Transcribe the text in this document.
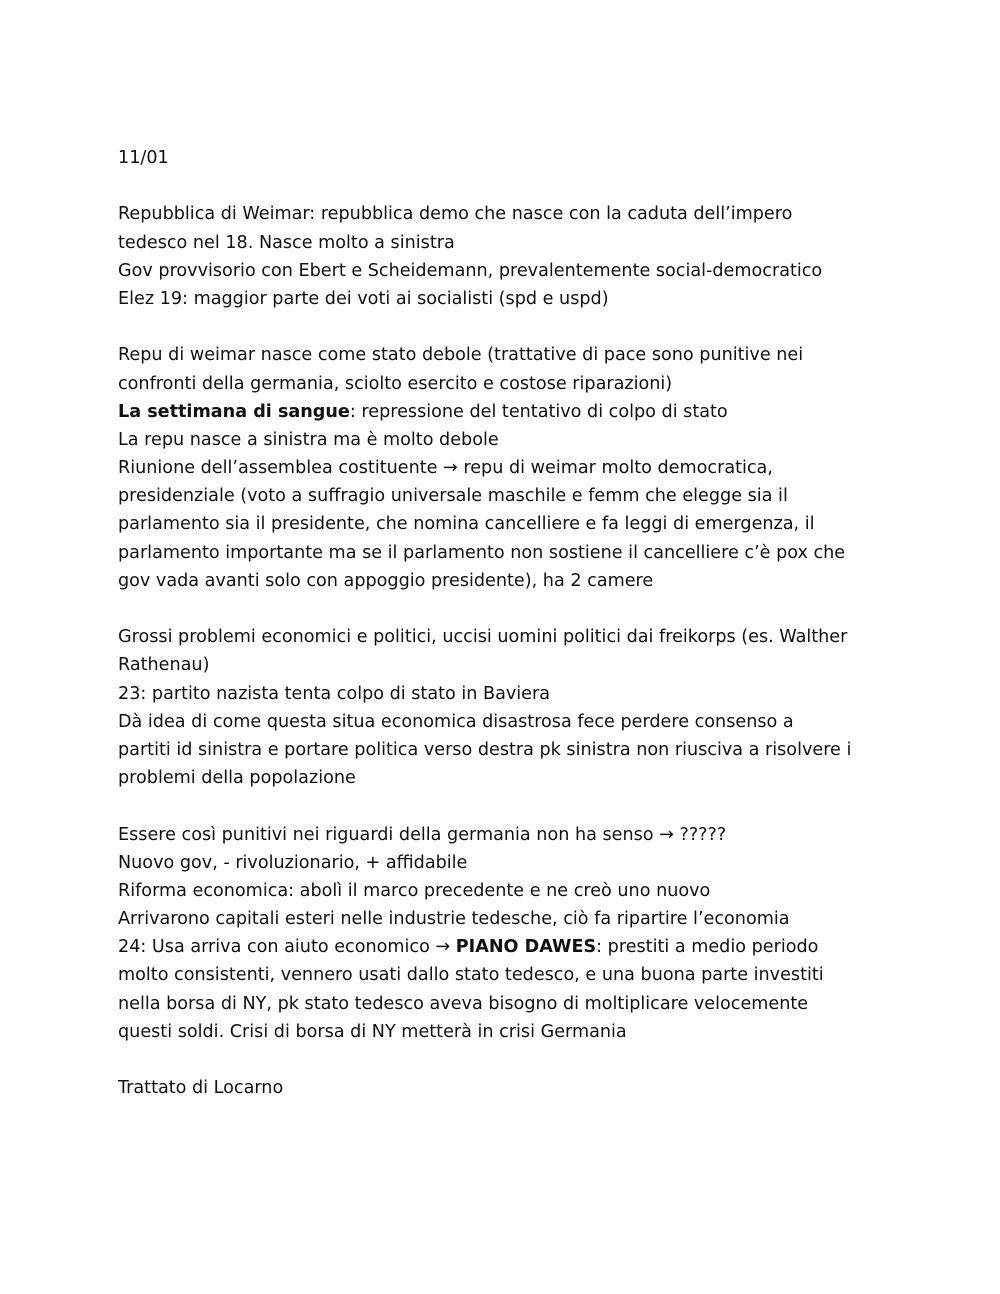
11/01
Repubblica di Weimar: repubblica demo che nasce con la caduta dell’impero
tedesco nel 18. Nasce molto a sinistra
Gov provvisorio con Ebert e Scheidemann, prevalentemente social-democratico
Elez 19: maggior parte dei voti ai socialisti (spd e uspd)
Repu di weimar nasce come stato debole (trattative di pace sono punitive nei
confronti della germania, sciolto esercito e costose riparazioni)
La settimana di sangue: repressione del tentativo di colpo di stato
La repu nasce a sinistra ma è molto debole
Riunione dell’assemblea costituente → repu di weimar molto democratica,
presidenziale (voto a suffragio universale maschile e femm che elegge sia il
parlamento sia il presidente, che nomina cancelliere e fa leggi di emergenza, il
parlamento importante ma se il parlamento non sostiene il cancelliere c’è pox che
gov vada avanti solo con appoggio presidente), ha 2 camere
Grossi problemi economici e politici, uccisi uomini politici dai freikorps (es. Walther
Rathenau)
23: partito nazista tenta colpo di stato in Baviera
Dà idea di come questa situa economica disastrosa fece perdere consenso a
partiti id sinistra e portare politica verso destra pk sinistra non riusciva a risolvere i
problemi della popolazione
Essere così punitivi nei riguardi della germania non ha senso → ?????
Nuovo gov, - rivoluzionario, + affidabile
Riforma economica: abolì il marco precedente e ne creò uno nuovo
Arrivarono capitali esteri nelle industrie tedesche, ciò fa ripartire l’economia
24: Usa arriva con aiuto economico → PIANO DAWES: prestiti a medio periodo
molto consistenti, vennero usati dallo stato tedesco, e una buona parte investiti
nella borsa di NY, pk stato tedesco aveva bisogno di moltiplicare velocemente
questi soldi. Crisi di borsa di NY metterà in crisi Germania
Trattato di Locarno
